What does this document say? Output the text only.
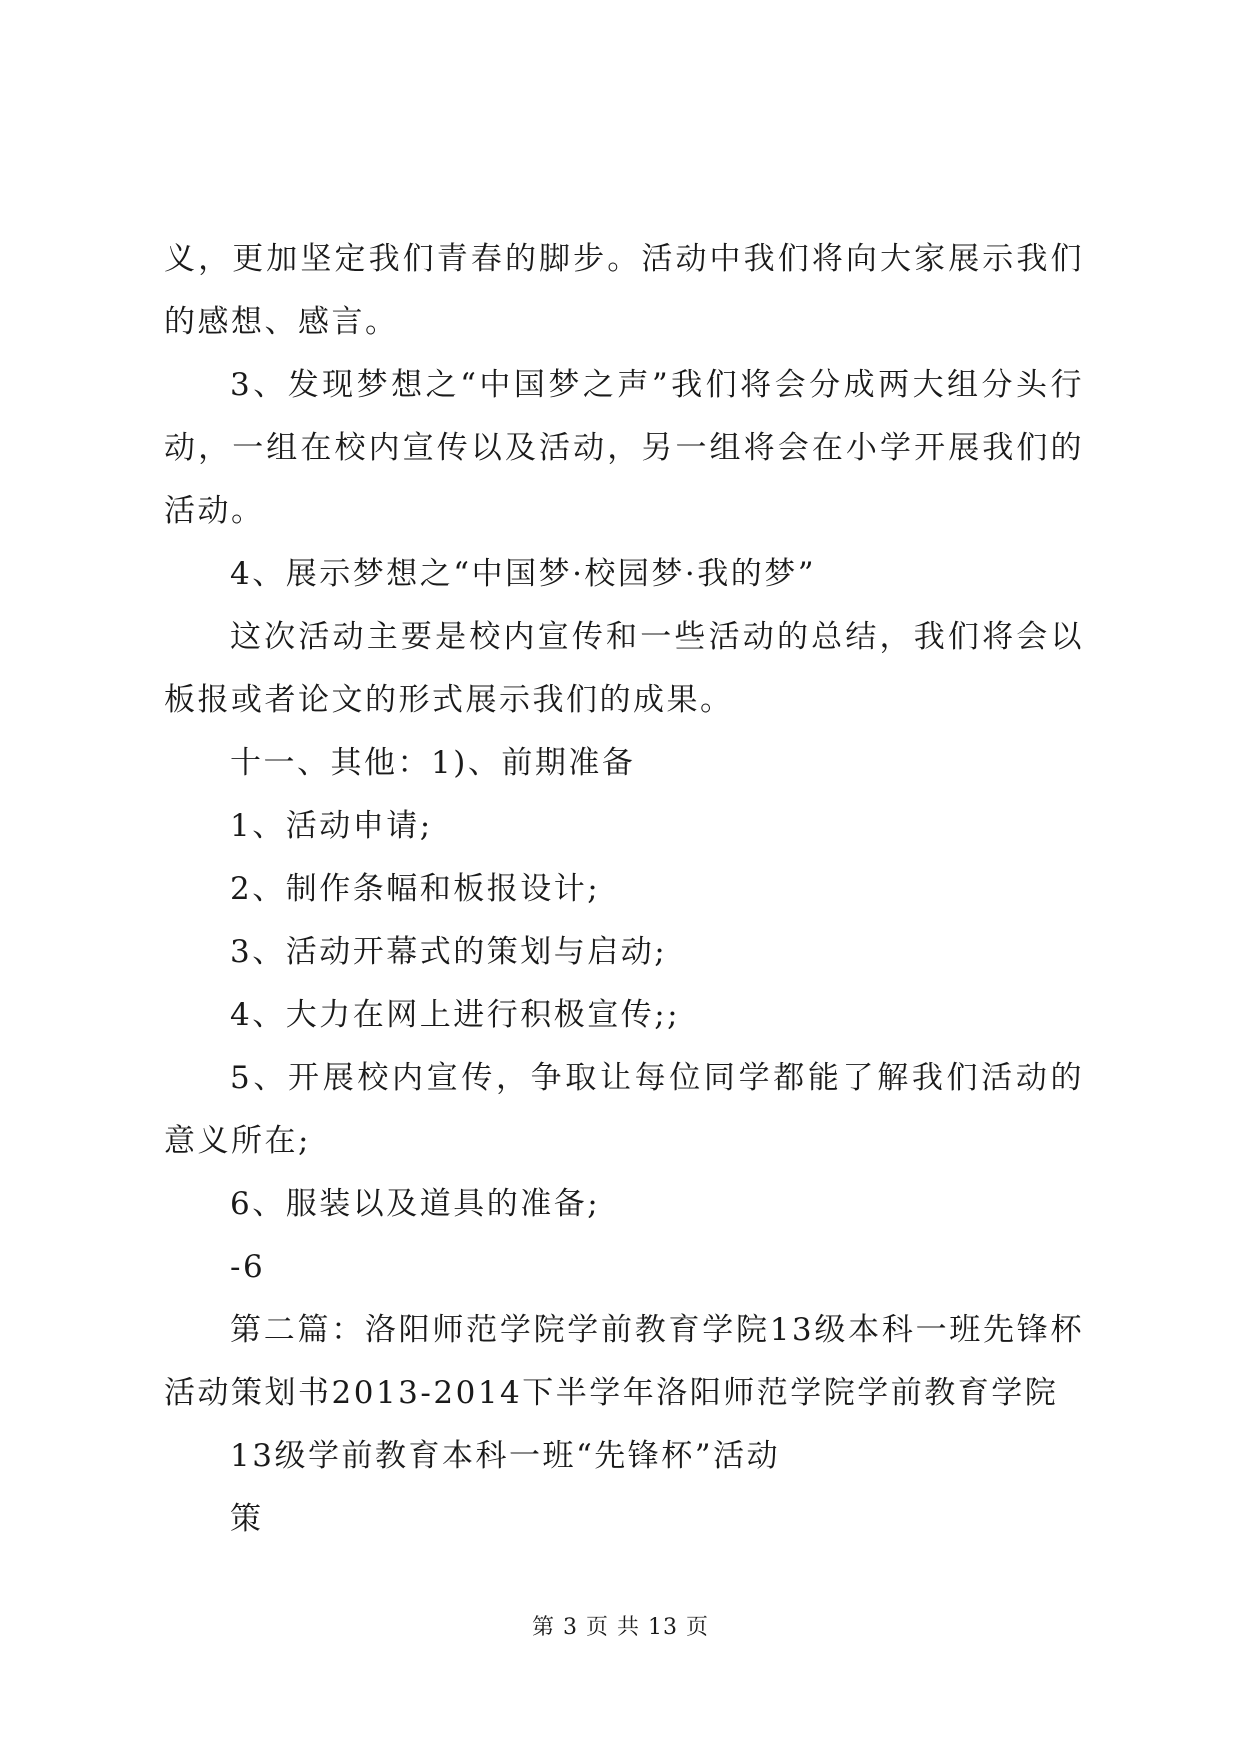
义，更加坚定我们青春的脚步。活动中我们将向大家展示我们的感想、感言。

3、发现梦想之“中国梦之声”我们将会分成两大组分头行动，一组在校内宣传以及活动，另一组将会在小学开展我们的活动。

4、展示梦想之“中国梦·校园梦·我的梦”

这次活动主要是校内宣传和一些活动的总结，我们将会以板报或者论文的形式展示我们的成果。

十一、其他：1)、前期准备

1、活动申请;

2、制作条幅和板报设计;

3、活动开幕式的策划与启动;

4、大力在网上进行积极宣传;;

5、开展校内宣传，争取让每位同学都能了解我们活动的意义所在;

6、服装以及道具的准备;

-6

第二篇：洛阳师范学院学前教育学院13级本科一班先锋杯活动策划书2013-2014下半学年洛阳师范学院学前教育学院

13级学前教育本科一班“先锋杯”活动

策

第 3 页 共 13 页
